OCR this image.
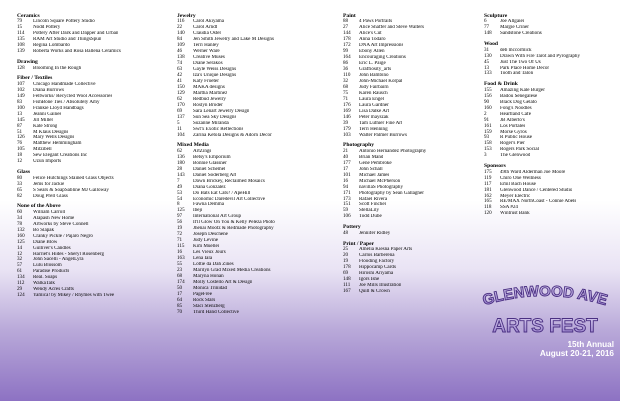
Ceramics
79	Lincoln Square Pottery Studio
15	Nodd Pottery
114	Pottery After Dark and Dapper and Urban
135	RAM Art Studio and ThingsSpun
108	Regina Lombardo
139	Roberta Works and Rosa Ballena Ceramics
Drawing
128	Blooming In the Rough
Fiber / Textiles
107	Chicago Handmade Collective
102	Diana Burrows
149	Feltworks/ Recycled Wool Accessories
83	FishBone Ties / Absolutely Amy
100	Frankie Lloyd Handbags
13	Jeanni Gaines
145	Jill Miller
87	Kate Strong
51	M Klaus Designs
126	Mary Wells Designs
76	Matthew Hemmingham
105	Mitzibell
18	Sew Elegant Creations Inc
12	Uzun Imports
Glass
80	Felice Hutchings Stained Glass Objects
33	Jems for Jackie
65	S Sears & SoapSabline MJ Galloway
82	Doug Prell Glass
None of the Above
60	William Carroll
34	Alapash New Home
78	Artworks by Steve Connell
132	Bo Slapak
160	Cranky Pickle / Pajaro Negro
125	Diane Blow
14	Gulliver's Candles
12	Harriet's Hides - Sheryl Rosenberg
32	John Sacelli - AngelLyra
57	Lulu Blossom
61	Paradise Products
134	Real. Soaps
112	WalkaTalk
29	Wendy Acres Crafts
124	Yamica! by Mikey / Rhymes with Twee
Jewelry
116	Carol Akiyama
22	Carol Arndt
140	Claudia Oster
84	Jen Smith Jewelry and Lake M Designs
109	Terri Hanley
46	Werner Ware
138	Creative Muses
74	Diane Serakos
63	Gayle Weiss Designs
42	Iza's Unique Designs
41	Katy Froeter
150	MAKA designs
129	Martha Martinez
62	Redbud Jewelry
170	Roslyn Broder
69	Sara Lenart Jewelry Design
137	Sun Sea Sky Designs
5	Suzanne Miranda
11	Swt'x Exotic Reflections
104	Zarina Ketola Designs & Adorn Decor
Mixed Media
62	ArtZings
136	Betsy's Emporium
180	Bonnie Glassner
28	Daniel Schemel
143	Daniel Soderberg Art
7	Dawn Brickey, Reclaimed Mosaics
49	Diana Gonzalez
53	Do Bats Eat Cats? / ApeHill
54	Economic Daredevil Art Collective
8	Fawna Demma
125	Ibeji
97	International Art Group
56	It'll Glow On You & Kelly Peleza Photo
19	Jhenai Mootz & Re4made Photography
72	Joseph Deschene
71	Judy Levine
115	Kim Mueller
16	Les Vieux Jours
163	Lena Iala
55	Lottie da Dah Zines
23	Marilyn Grad Mixed Media Creations
68	Maryna Honan
174	Molly Costello Art & Design
50	Monica Trinidad
17	PageFree
64	Rock Stars
85	Staci Stenzberg
70	Third Hand Collective
Paint
88	4 Paws Portraits
27	Alice Shaffer and Steve Walters
144	Alice's Cut
178	Anna Todaro
172	DNA Art Impressions
99	Ebony Allen
164	Encouraging Creations
86	Eric L. Paige
36	Graffiosity_arts
110	John Bambino
32	John-Michael Korpal
68	Judy Fairbairn
75	Karen Rausch
71	Laura Engel
176	Laura Gardner
169	Lisa Dalke Art
146	Peter mayszak
39	Tam Luthier Fine Art
179	Terri Henning
103	Walter Palmer Burrows
Photography
21	Antonio Hernandez Photography
40	Brian Mand
177	Gene Pembroke
17	John Schall
101	Michael James
16	Michael McPherson
94	navillaS Photography
171	Photography by Sean Gallagher
173	Rafael Rivera
151	Scott Fincher
59	StellaLily
106	Todd Dube
Pottery
48	Jennifer Ridley
Print / Paper
25	Amelia Kiesna Paper Arts
20	Carlos Barberena
19	Flooding Factory
178	Hippocamp Cards
69	Hiroshi Ariyama
148	Igors Ishe
111	Joe Mills Illustration
167	Quill & Crown
Sculpture
6	Joe Allgaier
77	Margie Criner
148	Sandstone Creations
Wood
31	deb mccormick
130	Drawn With Fire Tarot and Pyrography
45	Just The Two Of Us
13	Park Place Home Decor
133	Tooth and Talon
Food & Drink
155	Amazing Kale Burger
156	Badou Senegalese
90	Black Dog Gelato
160	Fong's Noodles
2	Heartland Café
91	JB Alberto's
161	Los Portales
159	Morse Gyros
93	R Public House
158	Roger's Pier
153	Rogers Park Social
3	The Glenwood
Sponsors
175	49th Ward Alderman Joe Moore
119	Chiro One Wellness
117	Emil Bach House
181	Glenwood Dance / Centered Studio
162	Meyer Electric
165	RE/MAX NorthCoast - Connie Abels
118	SSA #24
120	Wintrust Bank
GLENWOOD AVE
ARTS FEST
15th Annual
August 20-21, 2016
